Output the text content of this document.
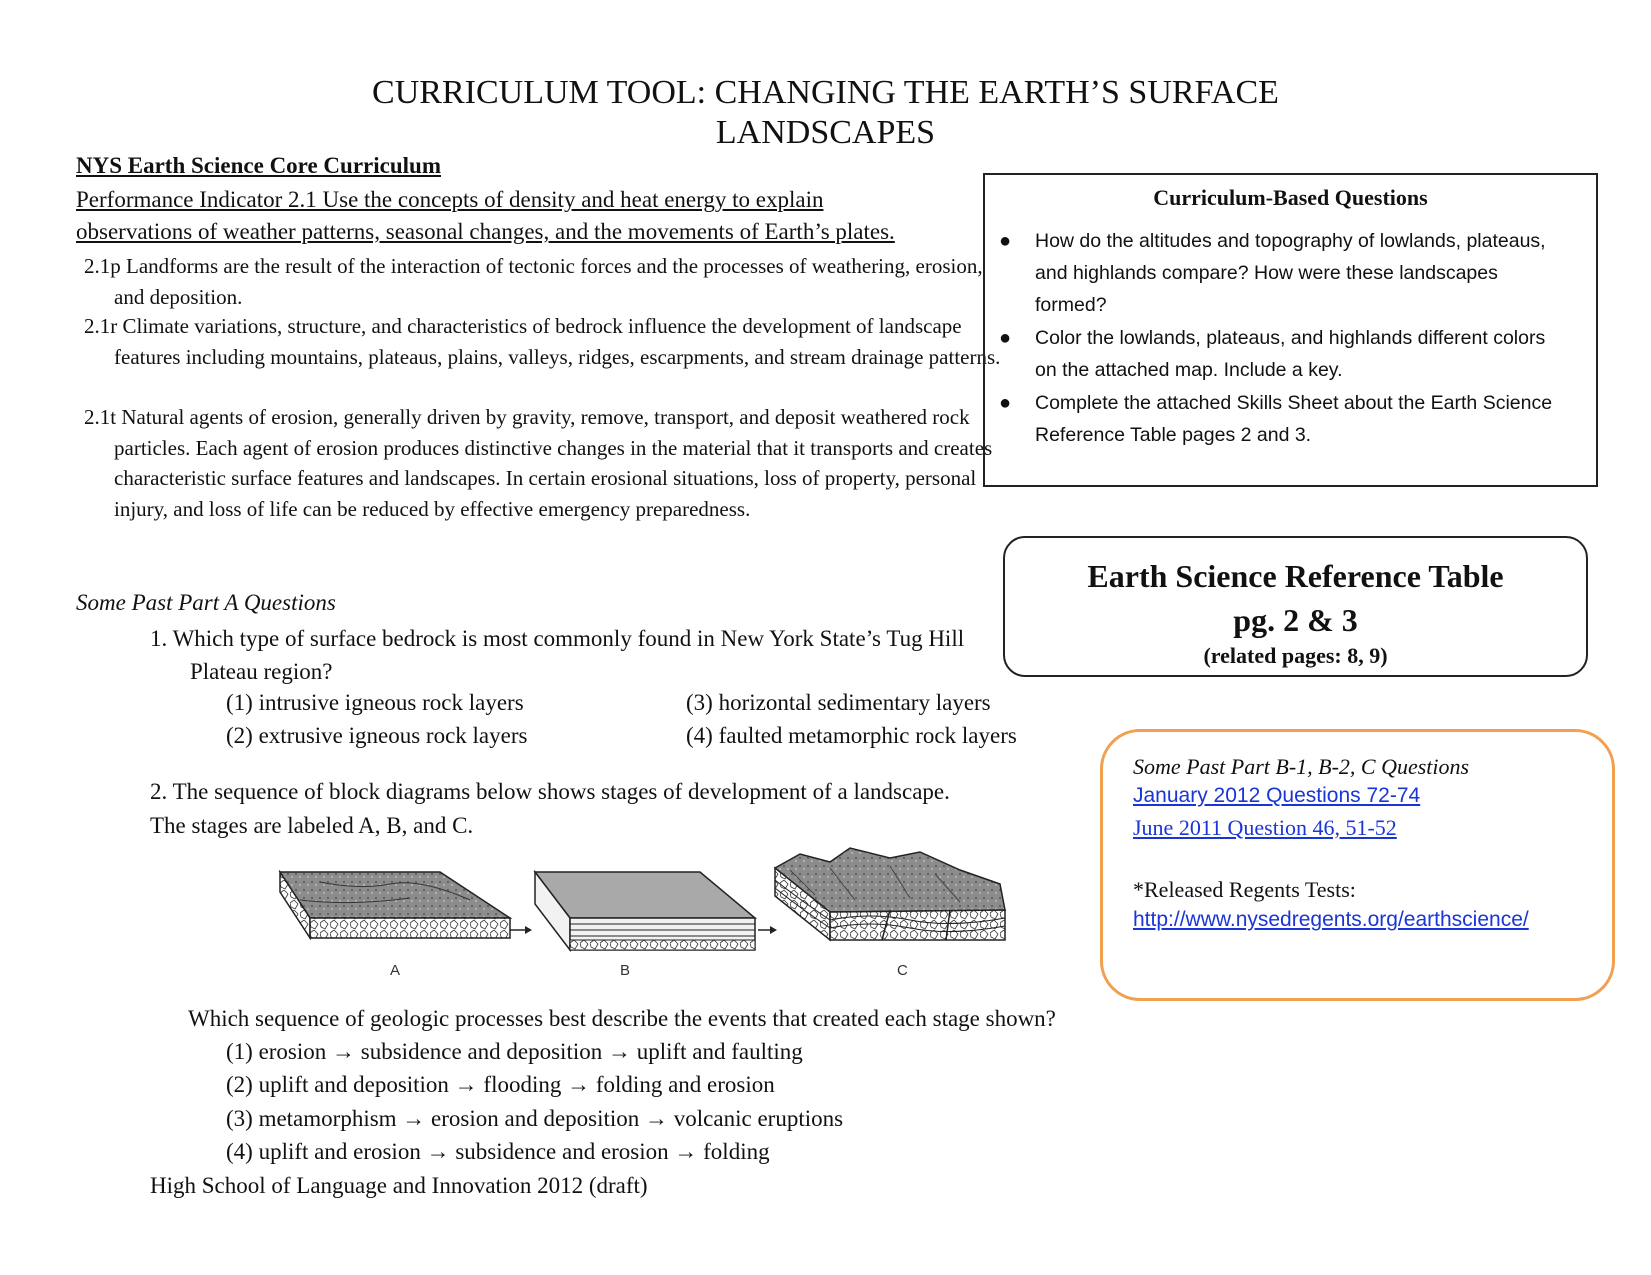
CURRICULUM TOOL: CHANGING THE EARTH’S SURFACE
LANDSCAPES
NYS Earth Science Core Curriculum
Performance Indicator 2.1 Use the concepts of density and heat energy to explain
observations of weather patterns, seasonal changes, and the movements of Earth’s plates.
2.1p Landforms are the result of the interaction of tectonic forces and the processes of weathering, erosion, and deposition.
2.1r Climate variations, structure, and characteristics of bedrock influence the development of landscape features including mountains, plateaus, plains, valleys, ridges, escarpments, and stream drainage patterns.
2.1t Natural agents of erosion, generally driven by gravity, remove, transport, and deposit weathered rock particles. Each agent of erosion produces distinctive changes in the material that it transports and creates characteristic surface features and landscapes. In certain erosional situations, loss of property, personal injury, and loss of life can be reduced by effective emergency preparedness.
Some Past Part A Questions
1. Which type of surface bedrock is most commonly found in New York State’s Tug Hill Plateau region?
(1) intrusive igneous rock layers
(2) extrusive igneous rock layers
(3) horizontal sedimentary layers
(4) faulted metamorphic rock layers
2. The sequence of block diagrams below shows stages of development of a landscape.
The stages are labeled A, B, and C.
A	B	C
Which sequence of geologic processes best describe the events that created each stage shown?
(1) erosion → subsidence and deposition → uplift and faulting
(2) uplift and deposition → flooding → folding and erosion
(3) metamorphism → erosion and deposition → volcanic eruptions
(4) uplift and erosion → subsidence and erosion → folding
High School of Language and Innovation 2012 (draft)
Curriculum-Based Questions
● How do the altitudes and topography of lowlands, plateaus, and highlands compare? How were these landscapes formed?
● Color the lowlands, plateaus, and highlands different colors on the attached map. Include a key.
● Complete the attached Skills Sheet about the Earth Science Reference Table pages 2 and 3.
Earth Science Reference Table
pg. 2 & 3
(related pages: 8, 9)
Some Past Part B-1, B-2, C Questions
January 2012 Questions 72-74
June 2011 Question 46, 51-52
*Released Regents Tests:
http://www.nysedregents.org/earthscience/
